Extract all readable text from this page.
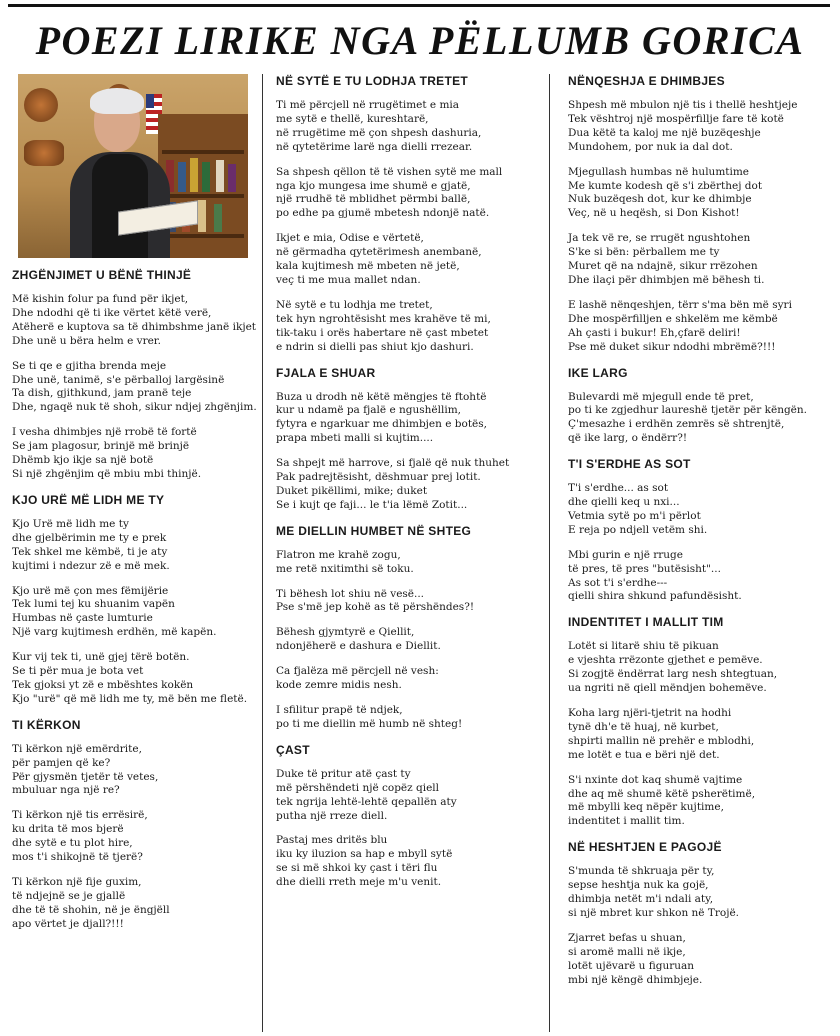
POEZI LIRIKE NGA PËLLUMB GORICA
ZHGËNJIMET U BËNË THINJË
Më kishin folur pa fund për ikjet,
Dhe ndodhi që ti ike vërtet këtë verë,
Atëherë e kuptova sa të dhimbshme janë ikjet
Dhe unë u bëra helm e vrer.
Se ti qe e gjitha brenda meje
Dhe unë, tanimë, s'e përballoj largësinë
Ta dish, gjithkund, jam pranë teje
Dhe, ngaqë nuk të shoh, sikur ndjej zhgënjim.
I vesha dhimbjes një rrobë të fortë
Se jam plagosur, brinjë më brinjë
Dhëmb kjo ikje sa një botë
Si një zhgënjim që mbiu mbi thinjë.
KJO URË MË LIDH ME TY
Kjo Urë më lidh me ty
dhe gjelbërimin me ty e prek
Tek shkel me këmbë, ti je aty
kujtimi i ndezur zë e më mek.
Kjo urë më çon mes fëmijërie
Tek lumi tej ku shuanim vapën
Humbas në çaste lumturie
Një varg kujtimesh erdhën, më kapën.
Kur vij tek ti, unë gjej tërë botën.
Se ti për mua je bota vet
Tek gjoksi yt zë e mbështes kokën
Kjo "urë" që më lidh me ty, më bën me fletë.
TI KËRKON
Ti kërkon një emërdrite,
për pamjen që ke?
Për gjysmën tjetër të vetes,
mbuluar nga një re?
Ti kërkon një tis errësirë,
ku drita të mos bjerë
dhe sytë e tu plot hire,
mos t'i shikojnë të tjerë?
Ti kërkon një fije guxim,
të ndjejnë se je gjallë
dhe të të shohin, në je ëngjëll
apo vërtet je djall?!!!
NË SYTË E TU LODHJA TRETET
Ti më përcjell në rrugëtimet e mia
me sytë e thellë, kureshtarë,
në rrugëtime më çon shpesh dashuria,
në qytetërime larë nga dielli rrezear.
Sa shpesh qëllon të të vishen sytë me mall
nga kjo mungesa ime shumë e gjatë,
një rrudhë të mblidhet përmbi ballë,
po edhe pa gjumë mbetesh ndonjë natë.
Ikjet e mia, Odise e vërtetë,
në gërmadha qytetërimesh anembanë,
kala kujtimesh më mbeten në jetë,
veç ti me mua mallet ndan.
Në sytë e tu lodhja me tretet,
tek hyn ngrohtësisht mes krahëve të mi,
tik-taku i orës habertare në çast mbetet
e ndrin si dielli pas shiut kjo dashuri.
FJALA E SHUAR
Buza u drodh në këtë mëngjes të ftohtë
kur u ndamë pa fjalë e ngushëllim,
fytyra e ngarkuar me dhimbjen e botës,
prapa mbeti malli si kujtim....
Sa shpejt më harrove, si fjalë që nuk thuhet
Pak padrejtësisht, dëshmuar prej lotit.
Duket pikëllimi, mike; duket
Se i kujt qe faji... le t'ia lëmë Zotit...
ME DIELLIN HUMBET NË SHTEG
Flatron me krahë zogu,
me retë nxitimthi së toku.
Ti bëhesh lot shiu në vesë...
Pse s'më jep kohë as të përshëndes?!
Bëhesh gjymtyrë e Qiellit,
ndonjëherë e dashura e Diellit.
Ca fjalëza më përcjell në vesh:
kode zemre midis nesh.
I sfilitur prapë të ndjek,
po ti me diellin më humb në shteg!
ÇAST
Duke të pritur atë çast ty
më përshëndeti një copëz qiell
tek ngrija lehtë-lehtë qepallën aty
putha një rreze diell.
Pastaj mes dritës blu
iku ky iluzion sa hap e mbyll sytë
se si më shkoi ky çast i tëri flu
dhe dielli rreth meje m'u venit.
NËNQESHJA E DHIMBJES
Shpesh më mbulon një tis i thellë heshtjeje
Tek vështroj një mospërfillje fare të kotë
Dua këtë ta kaloj me një buzëqeshje
Mundohem, por nuk ia dal dot.
Mjegullash humbas në hulumtime
Me kumte kodesh që s'i zbërthej dot
Nuk buzëqesh dot, kur ke dhimbje
Veç, në u heqësh, si Don Kishot!
Ja tek vë re, se rrugët ngushtohen
S'ke si bën: përballem me ty
Muret që na ndajnë, sikur rrëzohen
Dhe ilaçi për dhimbjen më bëhesh ti.
E lashë nënqeshjen, tërr s'ma bën më syri
Dhe mospërfilljen e shkelëm me këmbë
Ah çasti i bukur! Eh,çfarë deliri!
Pse më duket sikur ndodhi mbrëmë?!!!
IKE LARG
Bulevardi më mjegull ende të pret,
po ti ke zgjedhur laureshë tjetër për këngën.
Ç'mesazhe i erdhën zemrës së shtrenjtë,
që ike larg, o ëndërr?!
T'I S'ERDHE AS SOT
T'i s'erdhe... as sot
dhe qielli keq u nxi...
Vetmia sytë po m'i përlot
E reja po ndjell vetëm shi.
Mbi gurin e një rruge
të pres, të pres "butësisht"...
As sot t'i s'erdhe---
qielli shira shkund pafundësisht.
INDENTITET I MALLIT TIM
Lotët si litarë shiu të pikuan
e vjeshta rrëzonte gjethet e pemëve.
Si zogjtë ëndërrat larg nesh shtegtuan,
ua ngriti në qiell mëndjen bohemëve.
Koha larg njëri-tjetrit na hodhi
tynë dh'e të huaj, në kurbet,
shpirti mallin në prehër e mblodhi,
me lotët e tua e bëri një det.
S'i nxinte dot kaq shumë vajtime
dhe aq më shumë këtë psherëtimë,
më mbylli keq nëpër kujtime,
indentitet i mallit tim.
NË HESHTJEN E PAGOJË
S'munda të shkruaja për ty,
sepse heshtja nuk ka gojë,
dhimbja netët m'i ndali aty,
si një mbret kur shkon në Trojë.
Zjarret befas u shuan,
si aromë malli në ikje,
lotët ujëvarë u figuruan
mbi një këngë dhimbjeje.
